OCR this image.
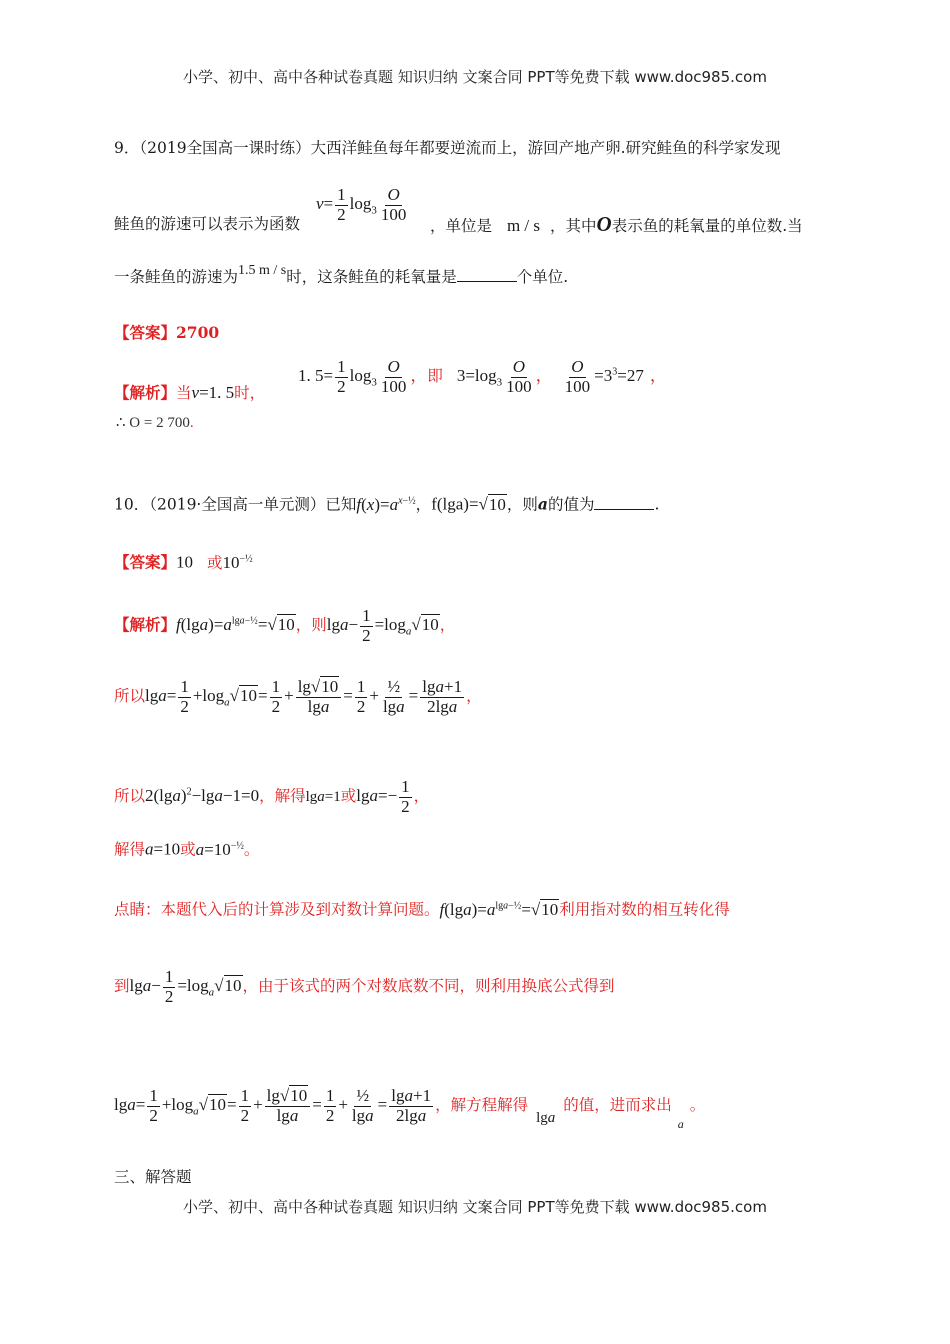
小学、初中、高中各种试卷真题 知识归纳 文案合同 PPT等免费下载 www.doc985.com
9．（2019全国高一课时练）大西洋鲑鱼每年都要逆流而上，游回产地产卵.研究鲑鱼的科学家发现
鲑鱼的游速可以表示为函数
$v= \frac{1}{2} \log_3 \frac{O}{100}$
，单位是 m / s ，其中O表示鱼的耗氧量的单位数.当
一条鲑鱼的游速为1.5 m / s时，这条鲑鱼的耗氧量是	个单位.
【答案】2700
【解析】当v=1. 5时，
1. $5= \frac{1}{2} \log_3 \frac{O}{100}$ ，即 $3=\log_3 \frac{O}{100}$ ， $\frac{O}{100} =3^3=27$ ，
∴ O = 2 700.
10．（2019·全国高一单元测）已知$f(x)=a^{x-\frac{1}{2}}$，f(lga)=√10，则a的值为	.
【答案】10 或$10^{-\frac{1}{2}}$
【解析】$f(\lg a)=a^{lga-\frac{1}{2}}=√10$，则$\lg a- \frac{1}{2} =\log_a√10$，
所以$\lg a= \frac{1}{2} +\log_a√10= \frac{1}{2} + \frac{\lg√10}{\lg a} = \frac{1}{2} + \frac{\text{½}}{\lg a} = \frac{\lg a+1}{2\lg a}$ ，
所以$2(\lg a)^2-\lg a-1=0$，解得lga=1或$\lg a=- \frac{1}{2}$ ，
解得a=10或$a=10^{-\frac{1}{2}}$。
点睛：本题代入后的计算涉及到对数计算问题。$f(\lg a)=a^{lga-\frac{1}{2}}=√10$利用指对数的相互转化得
到$\lg a- \frac{1}{2} =\log_a√10$，由于该式的两个对数底数不同，则利用换底公式得到
$\lg a= \frac{1}{2} +\log_a√10= \frac{1}{2} + \frac{\lg√10}{\lg a} = \frac{1}{2} + \frac{\text{½}}{\lg a} = \frac{\lg a+1}{2\lg a}$ ，解方程解得lga的值，进而求出$_a$。
三、解答题
小学、初中、高中各种试卷真题 知识归纳 文案合同 PPT等免费下载 www.doc985.com
